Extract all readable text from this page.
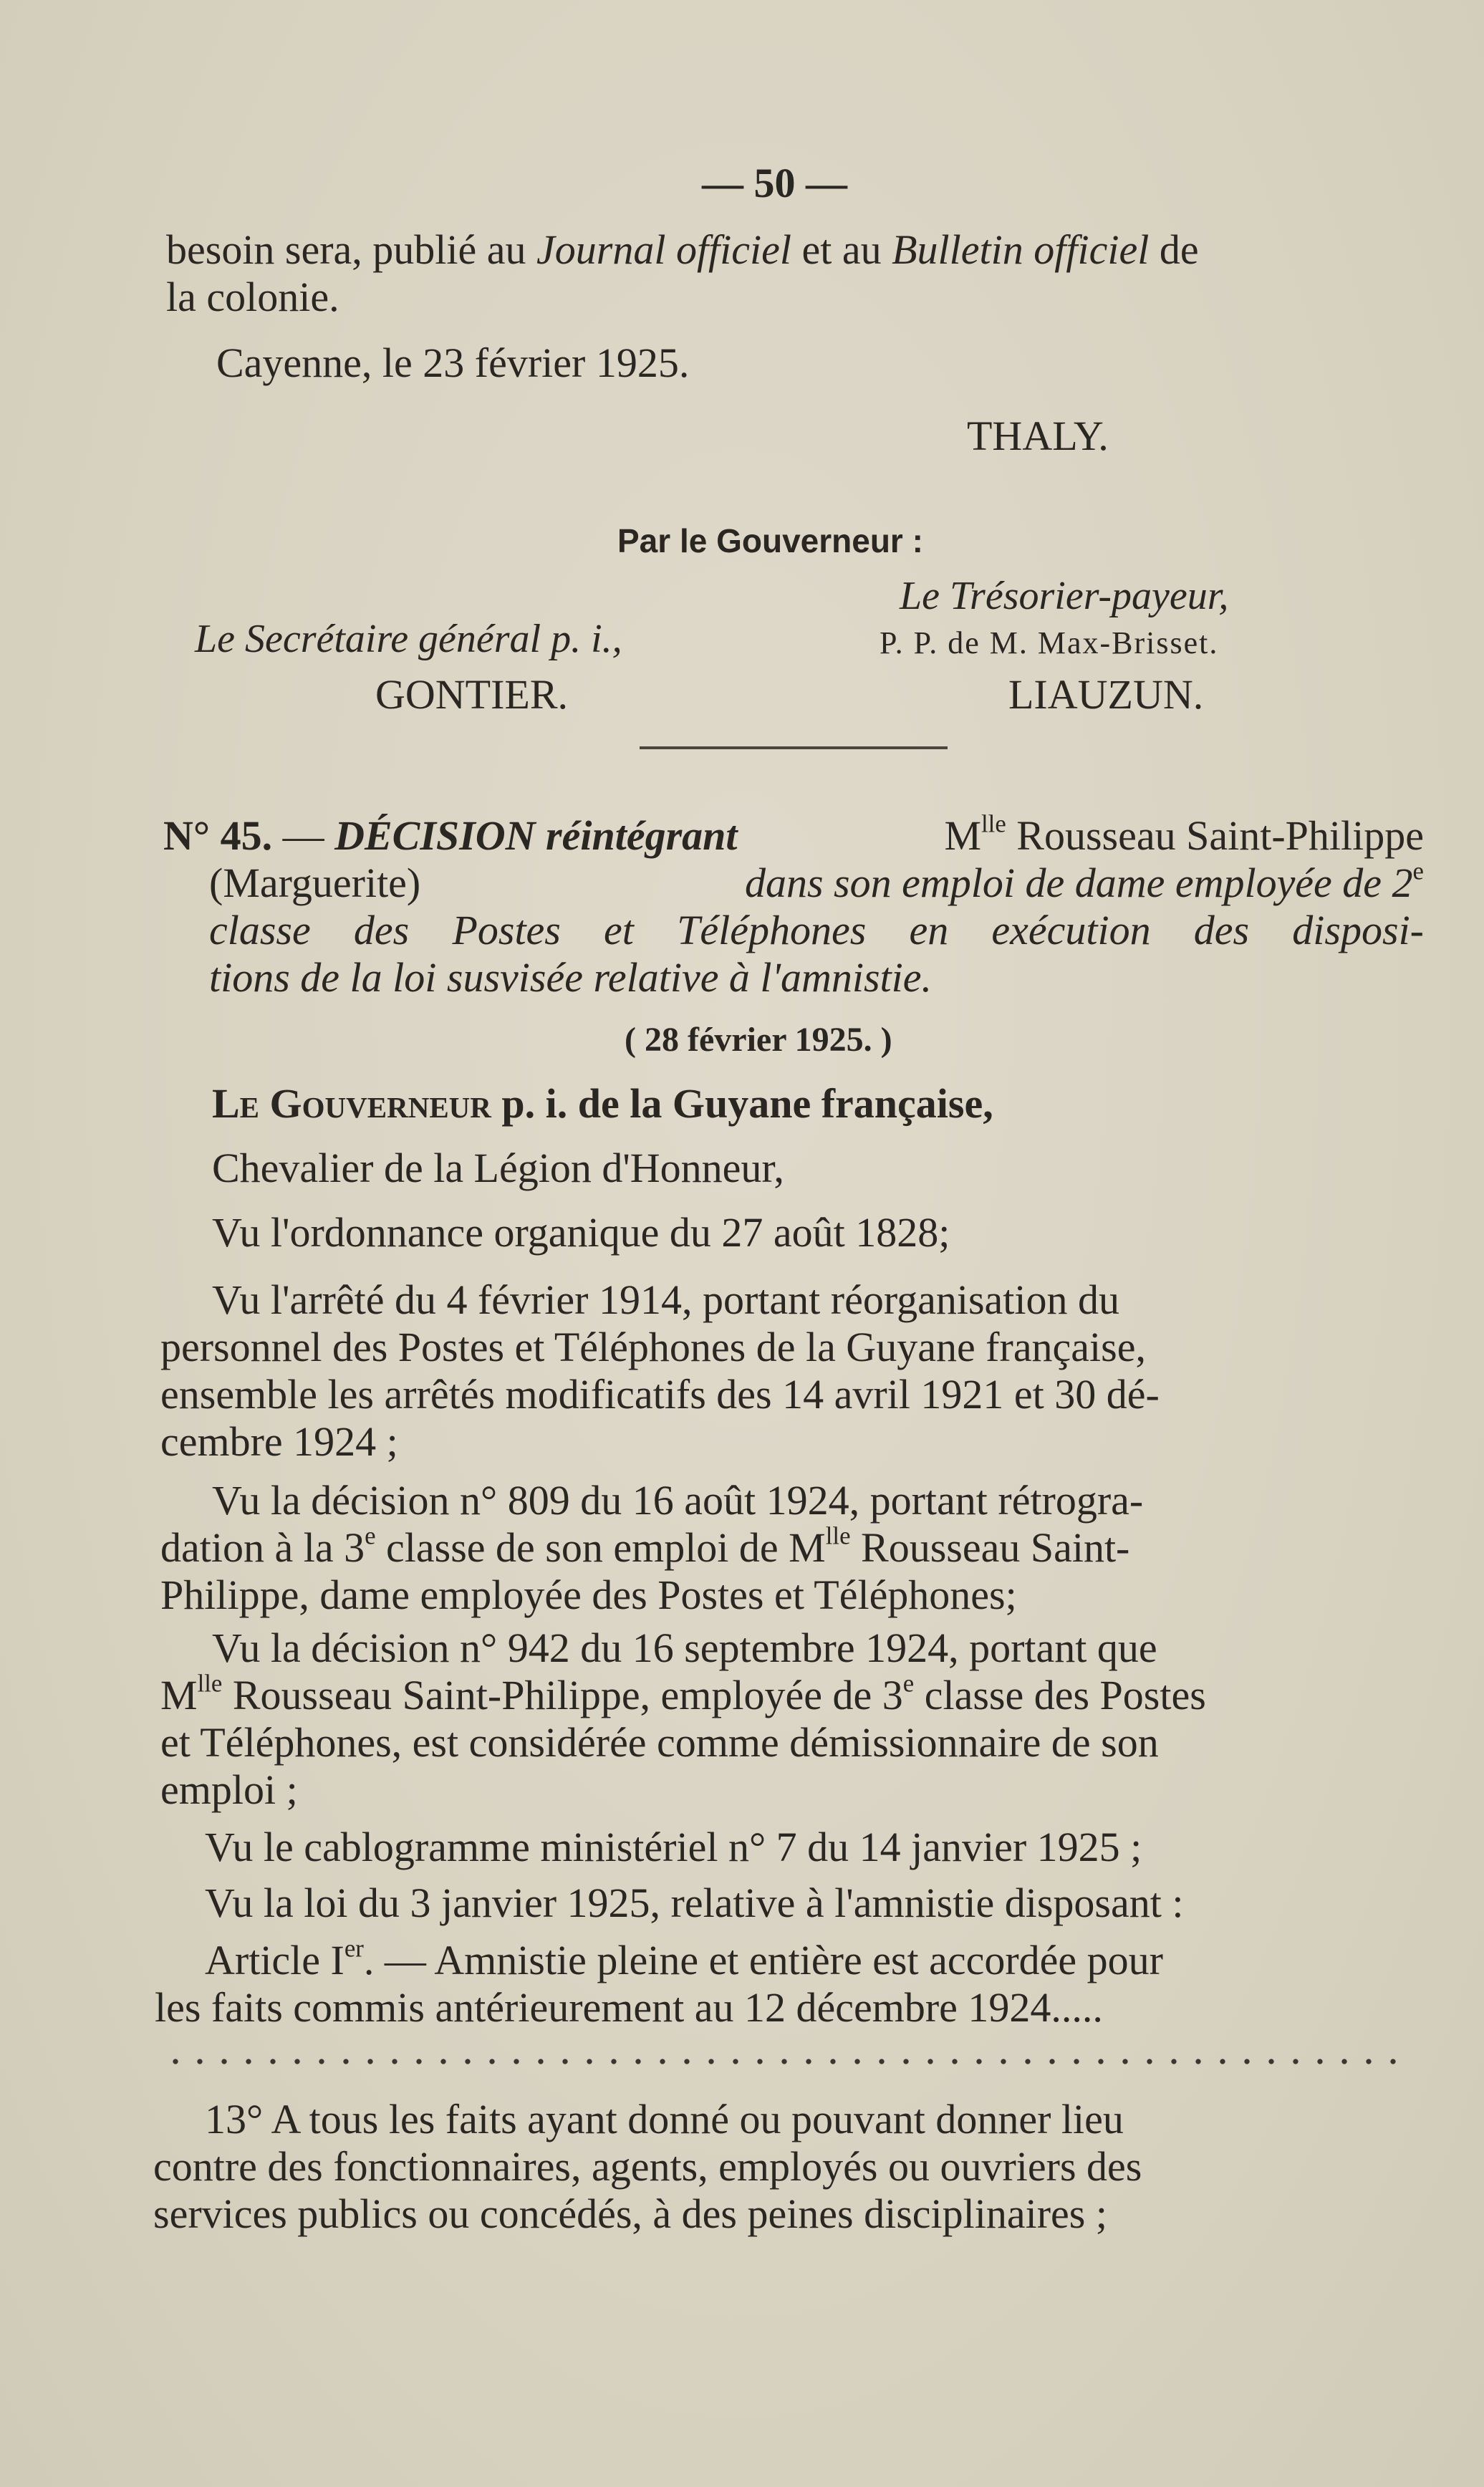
— 50 —
besoin sera, publié au Journal officiel et au Bulletin officiel de
la colonie.
Cayenne, le 23 février 1925.
THALY.
Par le Gouverneur :
Le Trésorier-payeur,
Le Secrétaire général p. i.,	P. P. de M. Max-Brisset.
GONTIER.	LIAUZUN.
N° 45. — DÉCISION réintégrant	$M^{lle}$ Rousseau Saint-Philippe
(Marguerite)	dans son emploi de dame employée de 2e
classe des Postes et Téléphones en exécution des disposi-
tions de la loi susvisée relative à l'amnistie.
( 28 février 1925. )
Le Gouverneur p. i. de la Guyane française,
Chevalier de la Légion d'Honneur,
Vu l'ordonnance organique du 27 août 1828;
Vu l'arrêté du 4 février 1914, portant réorganisation du
personnel des Postes et Téléphones de la Guyane française,
ensemble les arrêtés modificatifs des 14 avril 1921 et 30 dé-
cembre 1924 ;
Vu la décision n° 809 du 16 août 1924, portant rétrogra-
dation à la 3e classe de son emploi de $M^{lle}$ Rousseau Saint-
Philippe, dame employée des Postes et Téléphones;
Vu la décision n° 942 du 16 septembre 1924, portant que
$M^{lle}$ Rousseau Saint-Philippe, employée de 3e classe des Postes
et Téléphones, est considérée comme démissionnaire de son
emploi ;
Vu le cablogramme ministériel n° 7 du 14 janvier 1925 ;
Vu la loi du 3 janvier 1925, relative à l'amnistie disposant :
Article Ier. — Amnistie pleine et entière est accordée pour
les faits commis antérieurement au 12 décembre 1924.....
13° A tous les faits ayant donné ou pouvant donner lieu
contre des fonctionnaires, agents, employés ou ouvriers des
services publics ou concédés, à des peines disciplinaires ;
